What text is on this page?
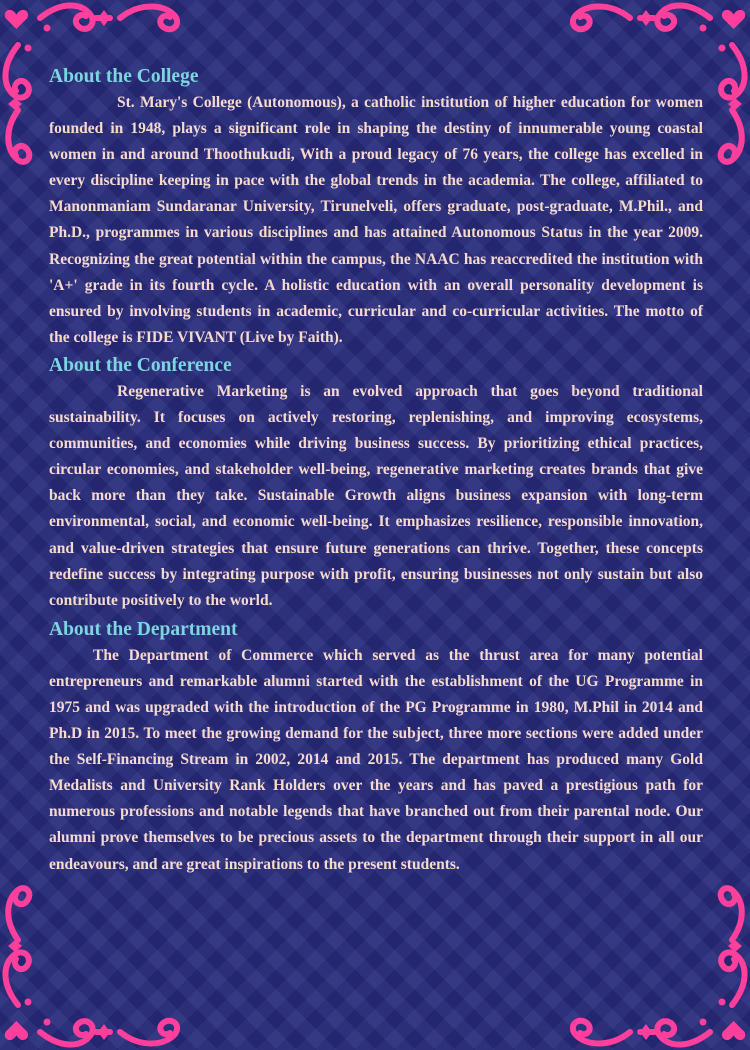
About the College

St. Mary's College (Autonomous), a catholic institution of higher education for women founded in 1948, plays a significant role in shaping the destiny of innumerable young coastal women in and around Thoothukudi, With a proud legacy of 76 years, the college has excelled in every discipline keeping in pace with the global trends in the academia. The college, affiliated to Manonmaniam Sundaranar University, Tirunelveli, offers graduate, post-graduate, M.Phil., and Ph.D., programmes in various disciplines and has attained Autonomous Status in the year 2009. Recognizing the great potential within the campus, the NAAC has reaccredited the institution with 'A+' grade in its fourth cycle. A holistic education with an overall personality development is ensured by involving students in academic, curricular and co-curricular activities. The motto of the college is FIDE VIVANT (Live by Faith).

About the Conference

Regenerative Marketing is an evolved approach that goes beyond traditional sustainability. It focuses on actively restoring, replenishing, and improving ecosystems, communities, and economies while driving business success. By prioritizing ethical practices, circular economies, and stakeholder well-being, regenerative marketing creates brands that give back more than they take. Sustainable Growth aligns business expansion with long-term environmental, social, and economic well-being. It emphasizes resilience, responsible innovation, and value-driven strategies that ensure future generations can thrive. Together, these concepts redefine success by integrating purpose with profit, ensuring businesses not only sustain but also contribute positively to the world.

About the Department

The Department of Commerce which served as the thrust area for many potential entrepreneurs and remarkable alumni started with the establishment of the UG Programme in 1975 and was upgraded with the introduction of the PG Programme in 1980, M.Phil in 2014 and Ph.D in 2015. To meet the growing demand for the subject, three more sections were added under the Self-Financing Stream in 2002, 2014 and 2015. The department has produced many Gold Medalists and University Rank Holders over the years and has paved a prestigious path for numerous professions and notable legends that have branched out from their parental node. Our alumni prove themselves to be precious assets to the department through their support in all our endeavours, and are great inspirations to the present students.
